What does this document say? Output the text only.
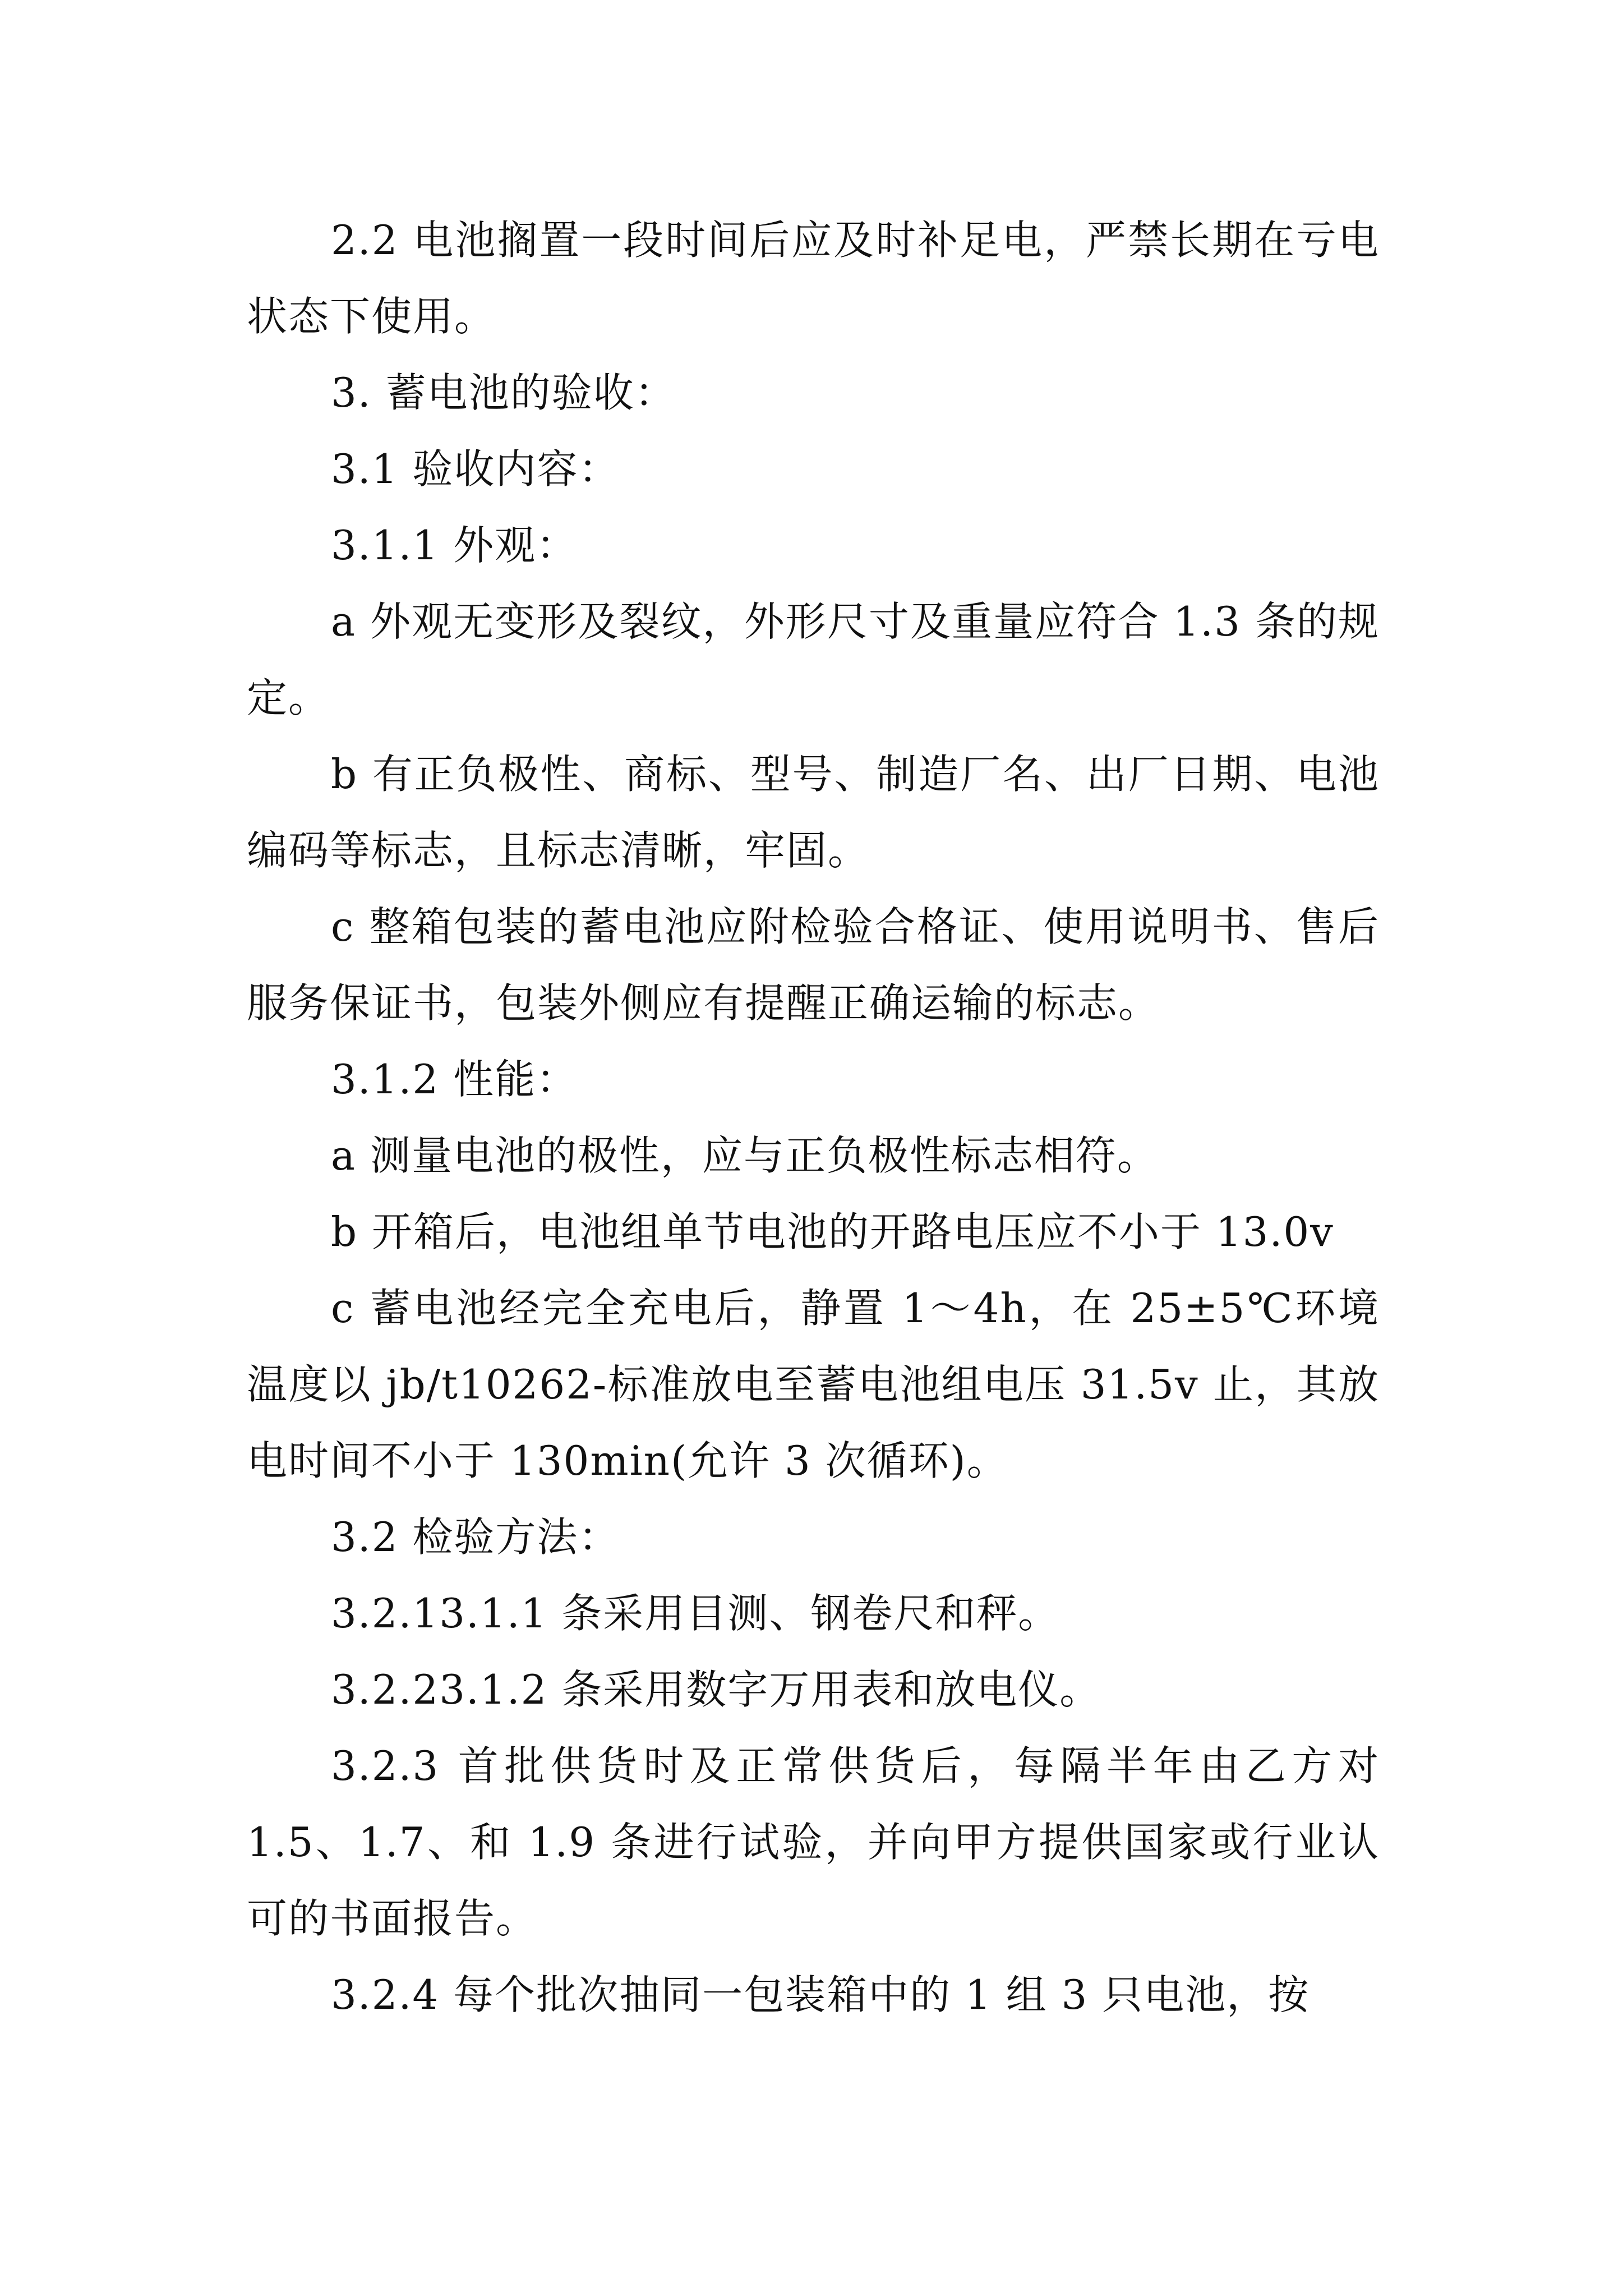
2.2 电池搁置一段时间后应及时补足电，严禁长期在亏电状态下使用。

3. 蓄电池的验收：

3.1 验收内容：

3.1.1 外观：

a 外观无变形及裂纹，外形尺寸及重量应符合 1.3 条的规定。

b 有正负极性、商标、型号、制造厂名、出厂日期、电池编码等标志，且标志清晰，牢固。

c 整箱包装的蓄电池应附检验合格证、使用说明书、售后服务保证书，包装外侧应有提醒正确运输的标志。

3.1.2 性能：

a 测量电池的极性，应与正负极性标志相符。

b 开箱后，电池组单节电池的开路电压应不小于 13.0v

c 蓄电池经完全充电后，静置 1～4h，在 25±5℃环境温度以 jb/t10262-标准放电至蓄电池组电压 31.5v 止，其放电时间不小于 130min(允许 3 次循环)。

3.2 检验方法：

3.2.13.1.1 条采用目测、钢卷尺和秤。

3.2.23.1.2 条采用数字万用表和放电仪。

3.2.3 首批供货时及正常供货后，每隔半年由乙方对 1.5、1.7、和 1.9 条进行试验，并向甲方提供国家或行业认可的书面报告。

3.2.4 每个批次抽同一包装箱中的 1 组 3 只电池，按
